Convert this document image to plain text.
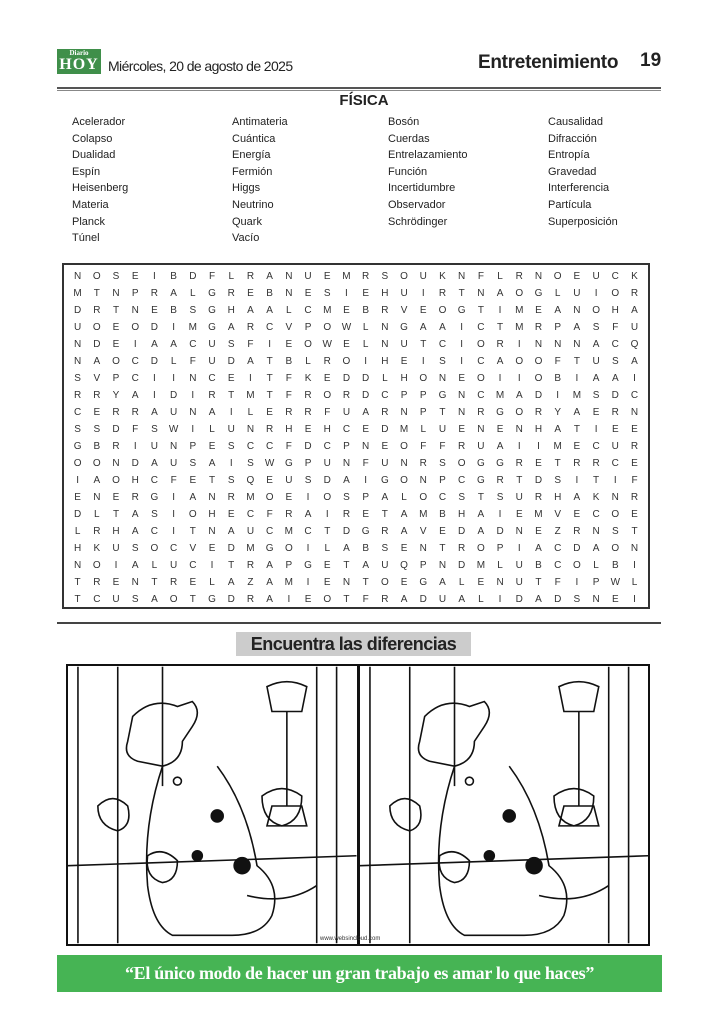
Diario
HOY Miércoles, 20 de agosto de 2025	Entretenimiento 19
FÍSICA
Acelerador
Colapso
Dualidad
Espín
Heisenberg
Materia
Planck
Túnel
Antimateria
Cuántica
Energía
Fermión
Higgs
Neutrino
Quark
Vacío
Bosón
Cuerdas
Entrelazamiento
Función
Incertidumbre
Observador
Schrödinger
Causalidad
Difracción
Entropía
Gravedad
Interferencia
Partícula
Superposición
N	O	S	E	I	B	D	F	L	R	A	N	U	E	M	R	S	O	U	K	N	F	L	R	N	O	E	U	C	K
M	T	N	P	R	A	L	G	R	E	B	N	E	S	I	E	H	U	I	R	T	N	A	O	G	L	U	I	O	R
D	R	T	N	E	B	S	G	H	A	A	L	C	M	E	B	R	V	E	O	G	T	I	M	E	A	N	O	H	A
U	O	E	O	D	I	M	G	A	R	C	V	P	O	W	L	N	G	A	A	I	C	T	M	R	P	A	S	F	U
N	D	E	I	A	A	C	U	S	F	I	E	O	W	E	L	N	U	T	C	I	O	R	I	N	N	N	A	C	Q
N	A	O	C	D	L	F	U	D	A	T	B	L	R	O	I	H	E	I	S	I	C	A	O	O	F	T	U	S	A
S	V	P	C	I	I	N	C	E	I	T	F	K	E	D	D	L	H	O	N	E	O	I	I	O	B	I	A	A	I
R	R	Y	A	I	D	I	R	T	M	T	F	R	O	R	D	C	P	P	G	N	C	M	A	D	I	M	S	D	C
C	E	R	R	A	U	N	A	I	L	E	R	R	F	U	A	R	N	P	T	N	R	G	O	R	Y	A	E	R	N
S	S	D	F	S	W	I	L	U	N	R	H	E	H	C	E	D	M	L	U	E	N	E	N	H	A	T	I	E	E
G	B	R	I	U	N	P	E	S	C	C	F	D	C	P	N	E	O	F	F	R	U	A	I	I	M	E	C	U	R
O	O	N	D	A	U	S	A	I	S	W	G	P	U	N	F	U	N	R	S	O	G	G	R	E	T	R	R	C	E
I	A	O	H	C	F	E	T	S	Q	E	U	S	D	A	I	G	O	N	P	C	G	R	T	D	S	I	T	I	F
E	N	E	R	G	I	A	N	R	M	O	E	I	O	S	P	A	L	O	C	S	T	S	U	R	H	A	K	N	R
D	L	T	A	S	I	O	H	E	C	F	R	A	I	R	E	T	A	M	B	H	A	I	E	M	V	E	C	O	E
L	R	H	A	C	I	T	N	A	U	C	M	C	T	D	G	R	A	V	E	D	A	D	N	E	Z	R	N	S	T
H	K	U	S	O	C	V	E	D	M	G	O	I	L	A	B	S	E	N	T	R	O	P	I	A	C	D	A	O	N
N	O	I	A	L	U	C	I	T	R	A	P	G	E	T	A	U	Q	P	N	D	M	L	U	B	C	O	L	B	I
T	R	E	N	T	R	E	L	A	Z	A	M	I	E	N	T	O	E	G	A	L	E	N	U	T	F	I	P	W	L
T	C	U	S	A	O	T	G	D	R	A	I	E	O	T	F	R	A	D	U	A	L	I	D	A	D	S	N	E	I
Encuentra las diferencias
www.websincloud.com
“El único modo de hacer un gran trabajo es amar lo que haces”
